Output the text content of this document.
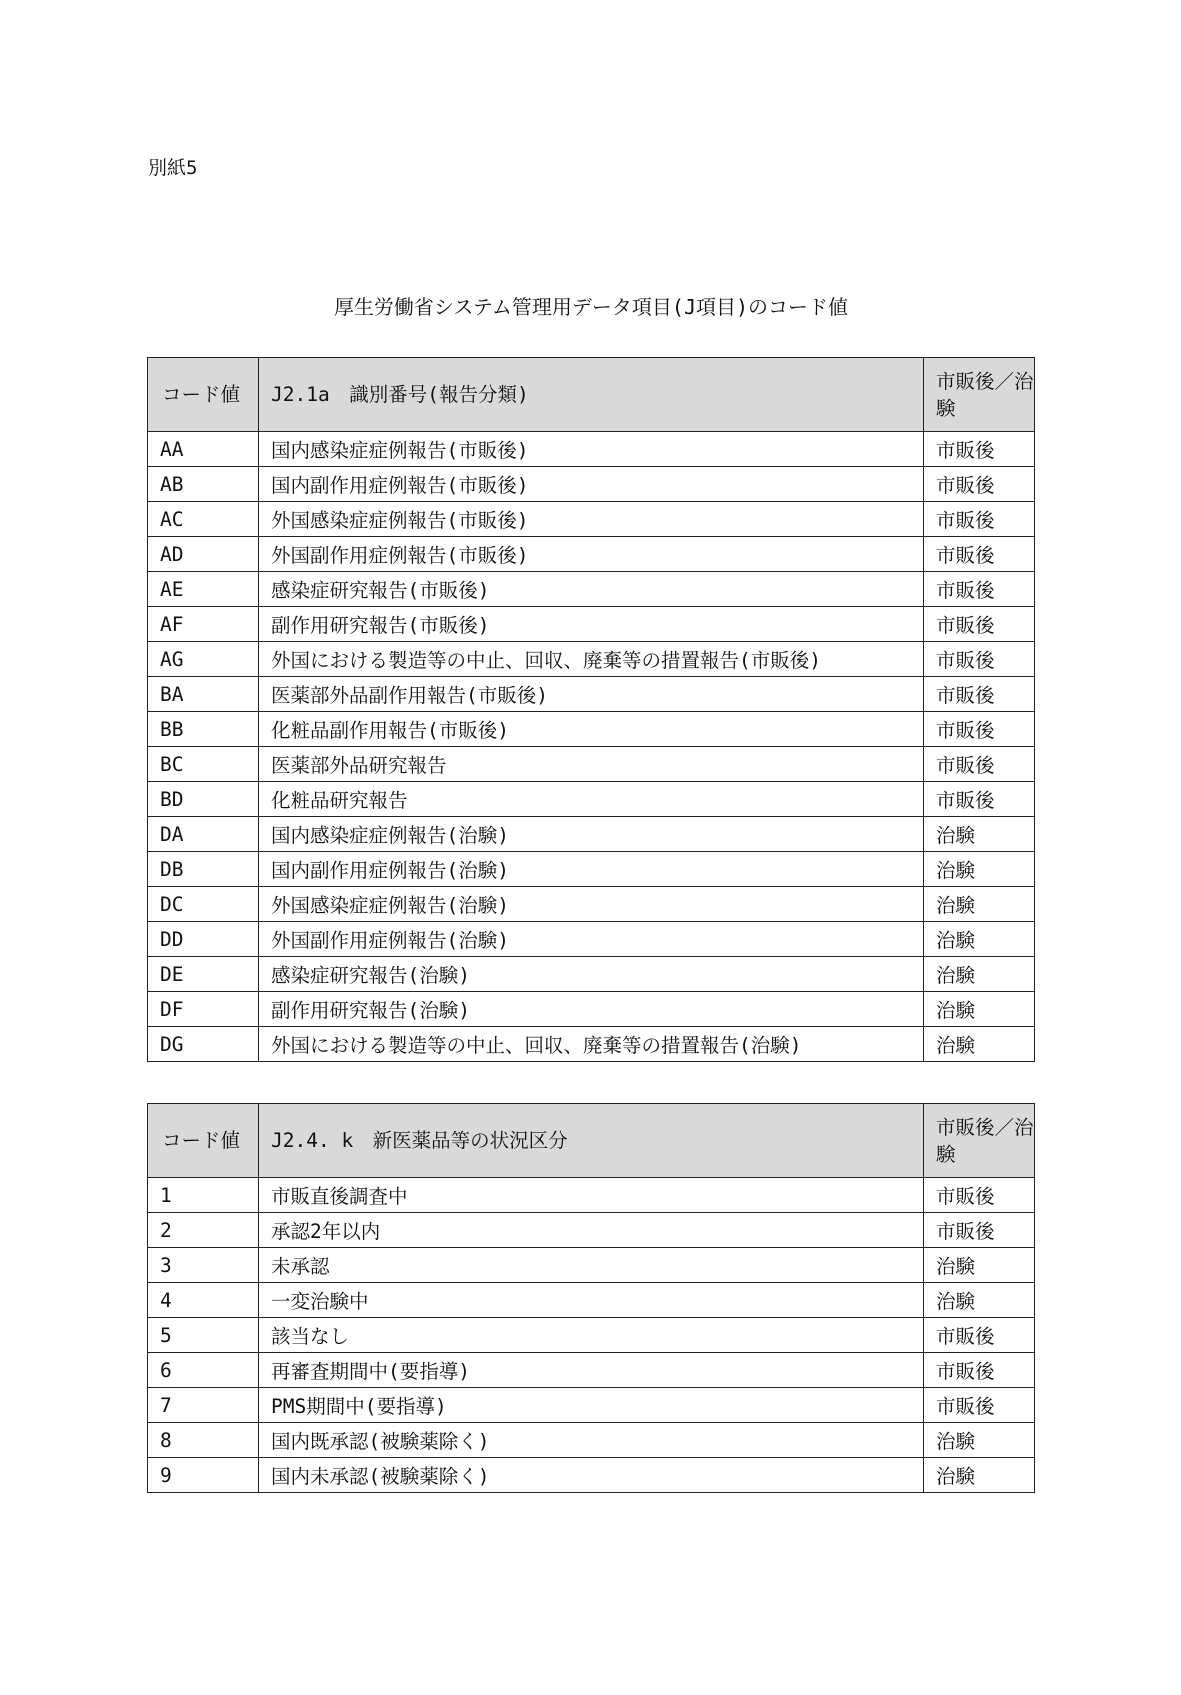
別紙5
厚生労働省システム管理用データ項目(J項目)のコード値
コード値	J2.1a　識別番号(報告分類)	市販後／治験
AA	国内感染症症例報告(市販後)	市販後
AB	国内副作用症例報告(市販後)	市販後
AC	外国感染症症例報告(市販後)	市販後
AD	外国副作用症例報告(市販後)	市販後
AE	感染症研究報告(市販後)	市販後
AF	副作用研究報告(市販後)	市販後
AG	外国における製造等の中止、回収、廃棄等の措置報告(市販後)	市販後
BA	医薬部外品副作用報告(市販後)	市販後
BB	化粧品副作用報告(市販後)	市販後
BC	医薬部外品研究報告	市販後
BD	化粧品研究報告	市販後
DA	国内感染症症例報告(治験)	治験
DB	国内副作用症例報告(治験)	治験
DC	外国感染症症例報告(治験)	治験
DD	外国副作用症例報告(治験)	治験
DE	感染症研究報告(治験)	治験
DF	副作用研究報告(治験)	治験
DG	外国における製造等の中止、回収、廃棄等の措置報告(治験)	治験
コード値	J2.4. k　新医薬品等の状況区分	市販後／治験
1	市販直後調査中	市販後
2	承認2年以内	市販後
3	未承認	治験
4	一変治験中	治験
5	該当なし	市販後
6	再審査期間中(要指導)	市販後
7	PMS期間中(要指導)	市販後
8	国内既承認(被験薬除く)	治験
9	国内未承認(被験薬除く)	治験
